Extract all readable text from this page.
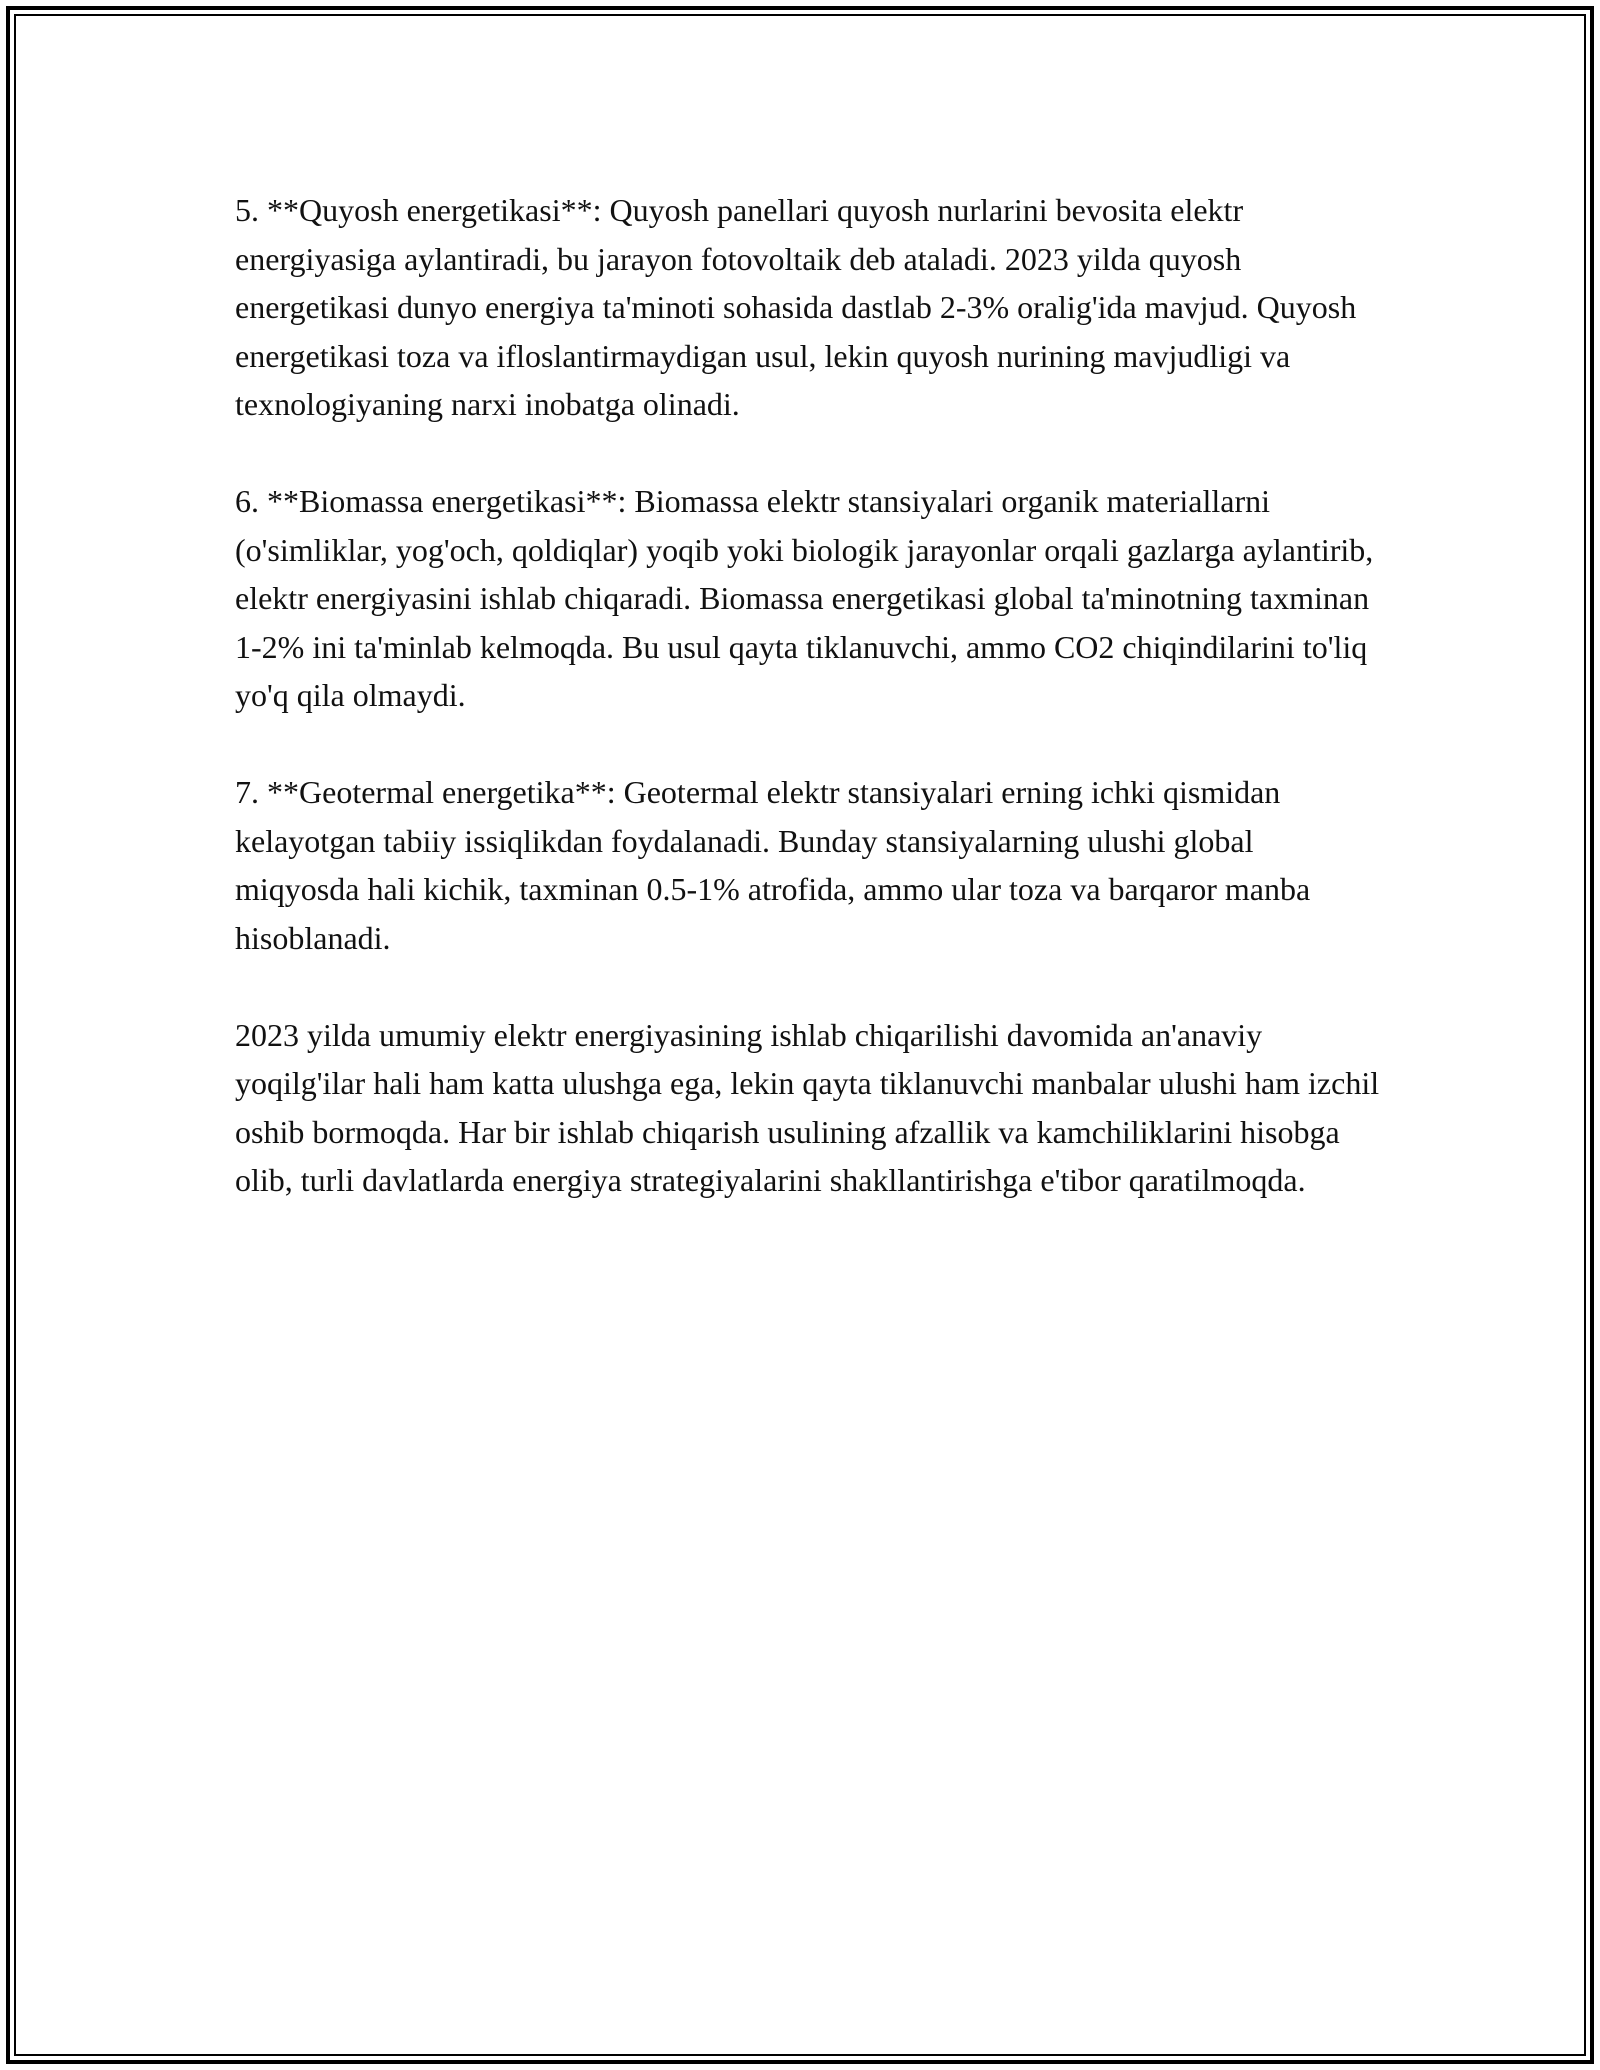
5. **Quyosh energetikasi**: Quyosh panellari quyosh nurlarini bevosita elektr energiyasiga aylantiradi, bu jarayon fotovoltaik deb ataladi. 2023 yilda quyosh energetikasi dunyo energiya ta'minoti sohasida dastlab 2-3% oralig'ida mavjud. Quyosh energetikasi toza va ifloslantirmaydigan usul, lekin quyosh nurining mavjudligi va texnologiyaning narxi inobatga olinadi.

6. **Biomassa energetikasi**: Biomassa elektr stansiyalari organik materiallarni (o'simliklar, yog'och, qoldiqlar) yoqib yoki biologik jarayonlar orqali gazlarga aylantirib, elektr energiyasini ishlab chiqaradi. Biomassa energetikasi global ta'minotning taxminan 1-2% ini ta'minlab kelmoqda. Bu usul qayta tiklanuvchi, ammo CO2 chiqindilarini to'liq yo'q qila olmaydi.

7. **Geotermal energetika**: Geotermal elektr stansiyalari erning ichki qismidan kelayotgan tabiiy issiqlikdan foydalanadi. Bunday stansiyalarning ulushi global miqyosda hali kichik, taxminan 0.5-1% atrofida, ammo ular toza va barqaror manba hisoblanadi.

2023 yilda umumiy elektr energiyasining ishlab chiqarilishi davomida an'anaviy yoqilg'ilar hali ham katta ulushga ega, lekin qayta tiklanuvchi manbalar ulushi ham izchil oshib bormoqda. Har bir ishlab chiqarish usulining afzallik va kamchiliklarini hisobga olib, turli davlatlarda energiya strategiyalarini shakllantirishga e'tibor qaratilmoqda.
